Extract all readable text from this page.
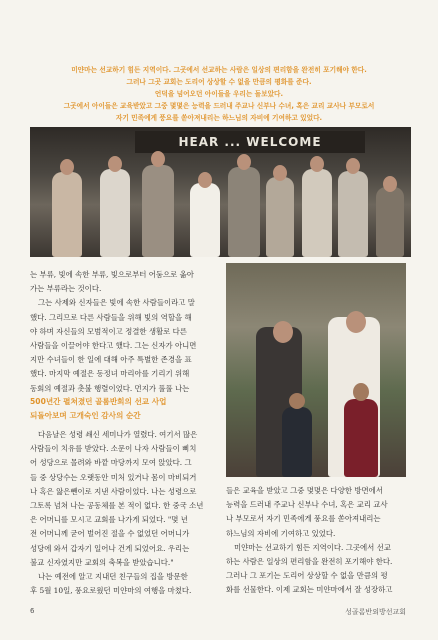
미얀마는 선교하기 힘든 지역이다. 그곳에서 선교하는 사람은 일상의 편리함을 완전히 포기해야 한다.
그러나 그곳 교회는 도리어 상상할 수 없을 만큼의 평화를 준다.
언덕을 넘어오던 아이들을 우리는 돌보았다.
그곳에서 아이들은 교육받았고 그중 몇몇은 능력을 드러내 주교나 신부나 수녀, 혹은 교리 교사나 부모로서
자기 민족에게 풍요를 쏟아져내리는 하느님의 자비에 기여하고 있었다.
HEAR ... WELCOME
는 부류, 빛에 속한 부류, 빛으로부터 어둠으로 옮아
가는 부류라는 것이다.
그는 사제와 신자들은 빛에 속한 사람들이라고 말
했다. 그리므로 다른 사람들을 위해 빛의 역할을 해
야 하며 자신들의 모범적이고 정결한 생활로 다른
사람들을 이끌어야 한다고 했다. 그는 신자가 아니면
지만 수녀들이 한 일에 대해 아주 특별한 존경을 표
했다. 마지막 예절은 동정녀 마리아를 기리기 위해
동회의 예절과 촛불 행렬이었다. 먼지가 풀풀 나는
500년간 펼쳐졌던 골롬반회의 선교 사업
되돌아보며 고개숙인 감사의 순간
다음날은 성령 쇄신 세미나가 열렸다. 여기서 많은
사람들이 치유를 받았다. 소문이 나자 사람들이 삐치
어 성당으로 몰려와 바깥 마당까지 모여 앉았다. 그
들 중 상당수는 오랫동안 미처 있거나 몸이 마비되거
나 혹은 앓은뺀이로 지낸 사람이었다. 나는 성령으로
그토록 넘쳐 나는 공동체를 본 적이 없다. 한 중국 소년
은 어머니를 모시고 교회를 나가게 되었다. "몇 년
전 어머니께 굳어 벌어진 절을 수 없었던 어머니가
성당에 와서 갑자기 일어나 건게 되었어요. 우리는
불교 신자였지만 교회의 축복을 받았습니다."
나는 예전에 알고 지내던 친구들의 집을 방문한
후 5월 10일, 풍요로웠던 미얀마의 여행을 마쳤다.
들은 교육을 받았고 그중 몇몇은 다양한 방면에서
능력을 드러내 주교나 신부나 수녀, 혹은 교리 교사
나 부모로서 자기 민족에게 풍요를 쏟아져내리는
하느님의 자비에 기여하고 있었다.
미얀마는 선교하기 힘든 지역이다. 그곳에서 선교
하는 사람은 일상의 편리함을 완전히 포기해야 한다.
그러나 그 포기는 도리어 상상할 수 없을 만큼의 평
화를 선물한다. 이제 교회는 미얀마에서 잘 성장하고
6	성골롬반외방선교회
